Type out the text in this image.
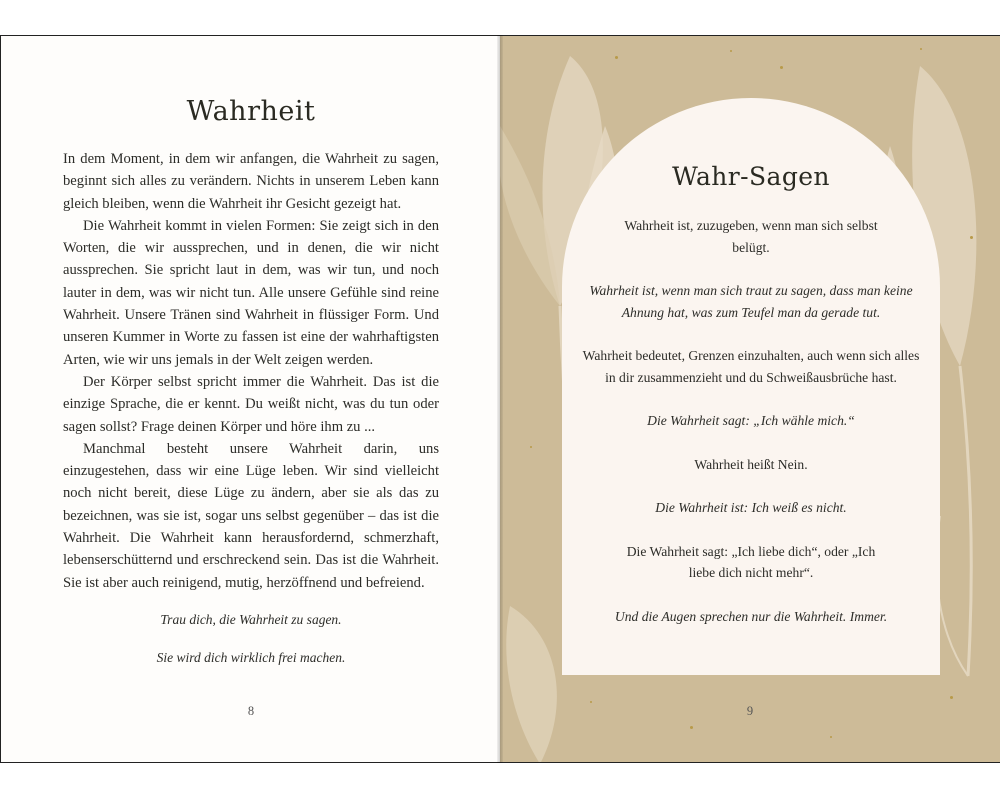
Wahrheit

In dem Moment, in dem wir anfangen, die Wahrheit zu sagen, beginnt sich alles zu verändern. Nichts in unserem Leben kann gleich bleiben, wenn die Wahrheit ihr Gesicht gezeigt hat.

Die Wahrheit kommt in vielen Formen: Sie zeigt sich in den Worten, die wir aussprechen, und in denen, die wir nicht aussprechen. Sie spricht laut in dem, was wir tun, und noch lauter in dem, was wir nicht tun. Alle unsere Gefühle sind reine Wahrheit. Unsere Tränen sind Wahrheit in flüssiger Form. Und unseren Kummer in Worte zu fassen ist eine der wahrhaftigsten Arten, wie wir uns jemals in der Welt zeigen werden.

Der Körper selbst spricht immer die Wahrheit. Das ist die einzige Sprache, die er kennt. Du weißt nicht, was du tun oder sagen sollst? Frage deinen Körper und höre ihm zu ...

Manchmal besteht unsere Wahrheit darin, uns einzugestehen, dass wir eine Lüge leben. Wir sind vielleicht noch nicht bereit, diese Lüge zu ändern, aber sie als das zu bezeichnen, was sie ist, sogar uns selbst gegenüber – das ist die Wahrheit. Die Wahrheit kann herausfordernd, schmerzhaft, lebenserschütternd und erschreckend sein. Das ist die Wahrheit. Sie ist aber auch reinigend, mutig, herzöffnend und befreiend.

Trau dich, die Wahrheit zu sagen.

Sie wird dich wirklich frei machen.

8
Wahr-Sagen

Wahrheit ist, zuzugeben, wenn man sich selbst belügt.

Wahrheit ist, wenn man sich traut zu sagen, dass man keine Ahnung hat, was zum Teufel man da gerade tut.

Wahrheit bedeutet, Grenzen einzuhalten, auch wenn sich alles in dir zusammenzieht und du Schweißausbrüche hast.

Die Wahrheit sagt: „Ich wähle mich.“

Wahrheit heißt Nein.

Die Wahrheit ist: Ich weiß es nicht.

Die Wahrheit sagt: „Ich liebe dich“, oder „Ich liebe dich nicht mehr“.

Und die Augen sprechen nur die Wahrheit. Immer.

9
